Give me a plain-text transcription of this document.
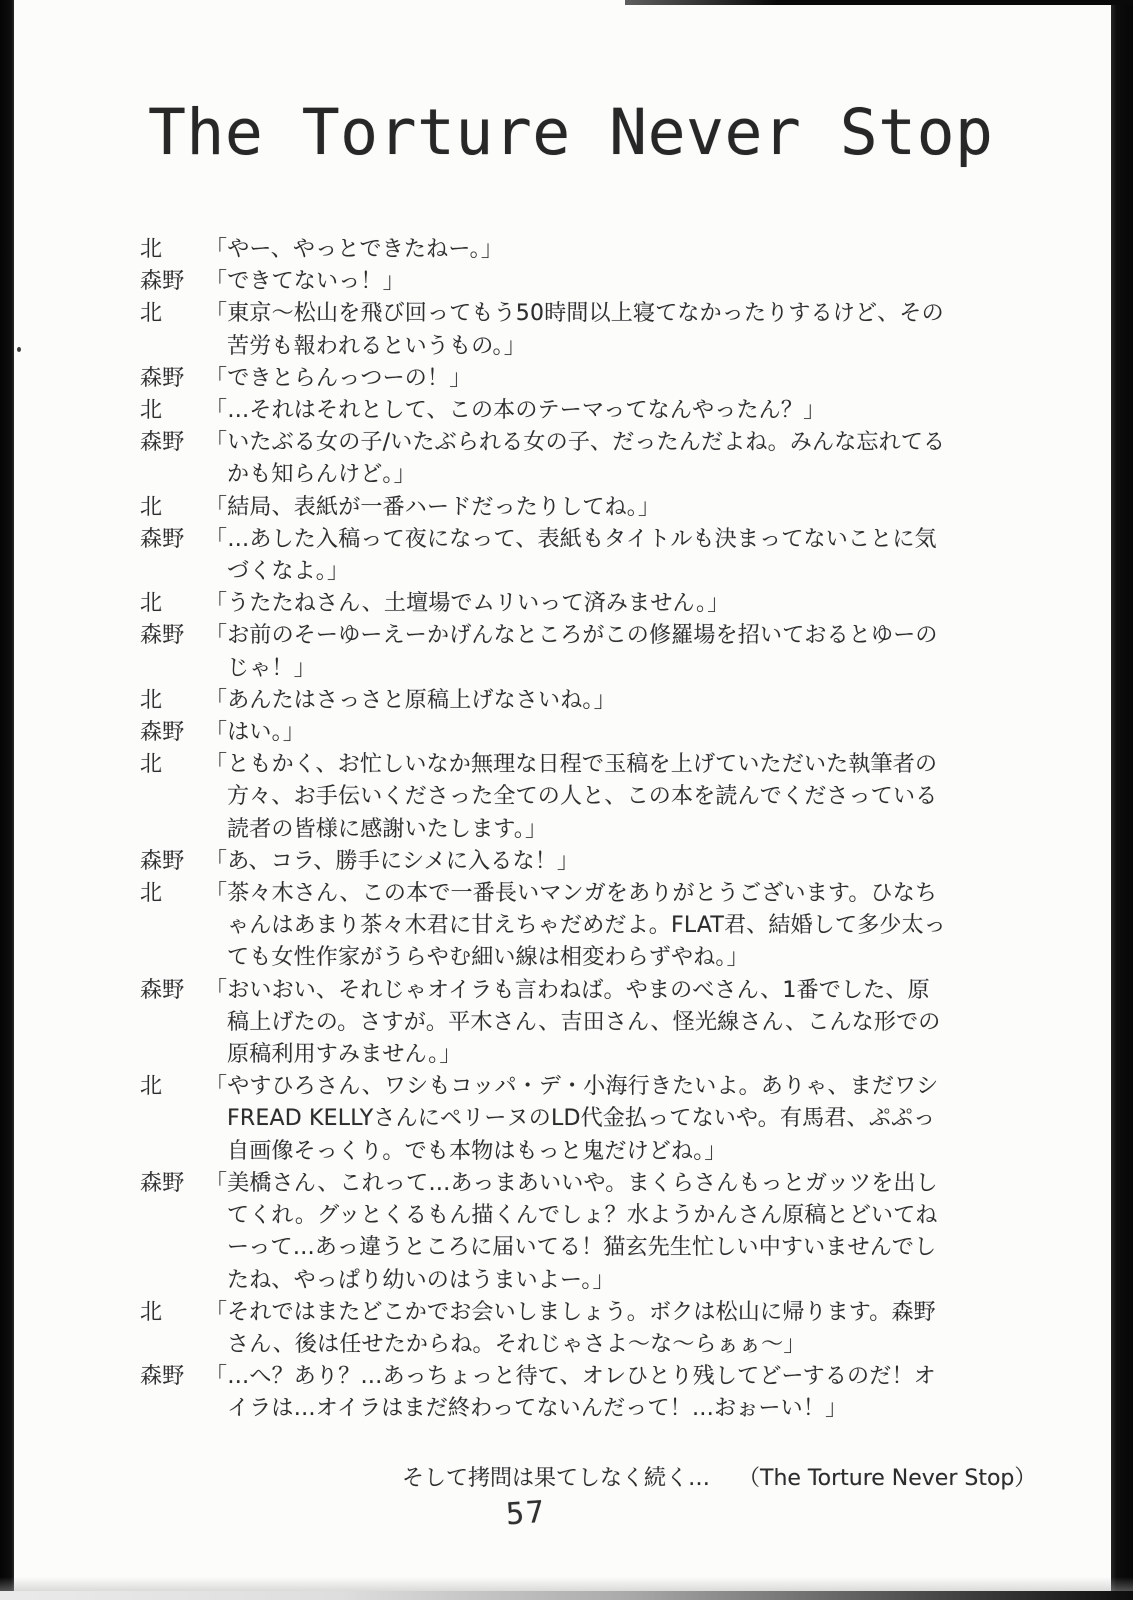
The Torture Never Stop
北	「やー、やっとできたねー。」
森野 「できてないっ！」
北	「東京～松山を飛び回ってもう50時間以上寝てなかったりするけど、その苦労も報われるというもの。」
森野 「できとらんっつーの！」
北	「…それはそれとして、この本のテーマってなんやったん？」
森野 「いたぶる女の子/いたぶられる女の子、だったんだよね。みんな忘れてるかも知らんけど。」
北	「結局、表紙が一番ハードだったりしてね。」
森野 「…あした入稿って夜になって、表紙もタイトルも決まってないことに気づくなよ。」
北	「うたたねさん、土壇場でムリいって済みません。」
森野 「お前のそーゆーえーかげんなところがこの修羅場を招いておるとゆーのじゃ！」
北	「あんたはさっさと原稿上げなさいね。」
森野 「はい。」
北	「ともかく、お忙しいなか無理な日程で玉稿を上げていただいた執筆者の方々、お手伝いくださった全ての人と、この本を読んでくださっている読者の皆様に感謝いたします。」
森野 「あ、コラ、勝手にシメに入るな！」
北	「茶々木さん、この本で一番長いマンガをありがとうございます。ひなちゃんはあまり茶々木君に甘えちゃだめだよ。FLAT君、結婚して多少太っても女性作家がうらやむ細い線は相変わらずやね。」
森野 「おいおい、それじゃオイラも言わねば。やまのべさん、1番でした、原稿上げたの。さすが。平木さん、吉田さん、怪光線さん、こんな形での原稿利用すみません。」
北	「やすひろさん、ワシもコッパ・デ・小海行きたいよ。ありゃ、まだワシFREAD KELLYさんにペリーヌのLD代金払ってないや。有馬君、ぷぷっ自画像そっくり。でも本物はもっと鬼だけどね。」
森野 「美橋さん、これって…あっまあいいや。まくらさんもっとガッツを出してくれ。グッとくるもん描くんでしょ？水ようかんさん原稿とどいてねーって…あっ違うところに届いてる！猫玄先生忙しい中すいませんでしたね、やっぱり幼いのはうまいよー。」
北	「それではまたどこかでお会いしましょう。ボクは松山に帰ります。森野さん、後は任せたからね。それじゃさよ～な～らぁぁ～」
森野 「…へ？あり？…あっちょっと待て、オレひとり残してどーするのだ！オイラは…オイラはまだ終わってないんだって！…おぉーい！」
そして拷問は果てしなく続く… （The Torture Never Stop）
57
